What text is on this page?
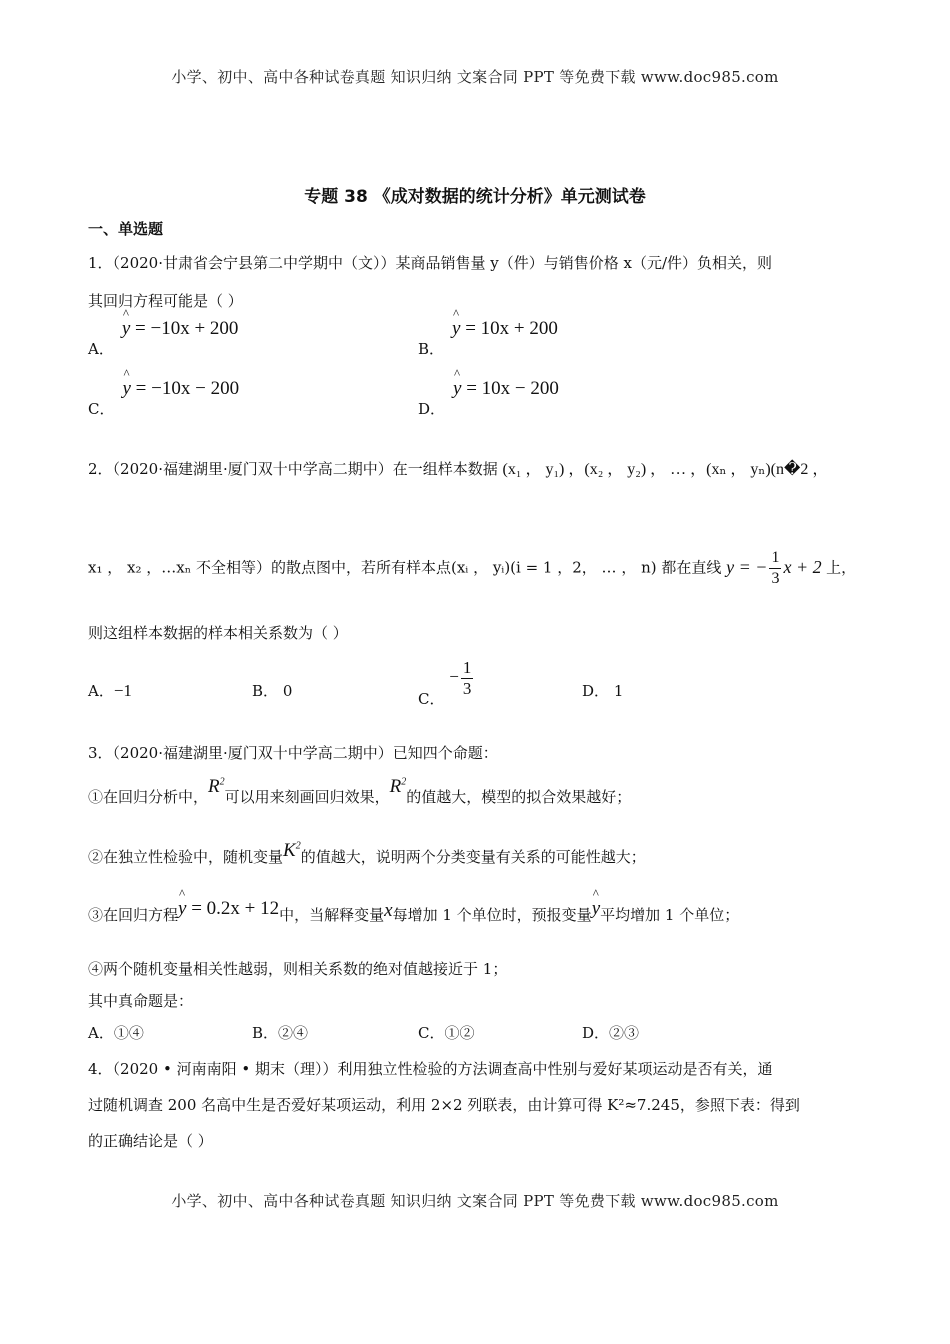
小学、初中、高中各种试卷真题 知识归纳 文案合同 PPT 等免费下载 www.doc985.com
专题 38 《成对数据的统计分析》单元测试卷
一、单选题
1．（2020·甘肃省会宁县第二中学期中（文））某商品销售量 y（件）与销售价格 x（元/件）负相关，则
其回归方程可能是（ ）
A．^ y = −10x + 200
B．^ y = 10x + 200
C．^ y = −10x − 200
D．^ y = 10x − 200
2．（2020·福建湖里·厦门双十中学高二期中）在一组样本数据 (x₁ ， y₁) ，(x₂ ， y₂) ， … ，(xₙ ， yₙ)(n�2 ，
x₁ ， x₂ ，…xₙ 不全相等）的散点图中，若所有样本点(xᵢ ， yᵢ)(i = 1 ，2， … ， n) 都在直线 y = − $\frac{1}{3}$ x + 2 上，
则这组样本数据的样本相关系数为（ ）
A．−1	B． 0	C． − $\frac{1}{3}$	D． 1
3．（2020·福建湖里·厦门双十中学高二期中）已知四个命题：
①在回归分析中，$R^2$可以用来刻画回归效果，$R^2$的值越大，模型的拟合效果越好；
②在独立性检验中，随机变量$K^2$的值越大，说明两个分类变量有关系的可能性越大；
③在回归方程^ y = 0.2x + 12中，当解释变量x每增加 1 个单位时，预报变量^ y平均增加 1 个单位；
④两个随机变量相关性越弱，则相关系数的绝对值越接近于 1；
其中真命题是：
A．①④	B．②④	C．①②	D．②③
4．（2020 • 河南南阳 • 期末（理））利用独立性检验的方法调查高中性别与爱好某项运动是否有关，通
过随机调查 200 名高中生是否爱好某项运动，利用 2×2 列联表，由计算可得 K²≈7.245，参照下表：得到
的正确结论是（ ）
小学、初中、高中各种试卷真题 知识归纳 文案合同 PPT 等免费下载 www.doc985.com
